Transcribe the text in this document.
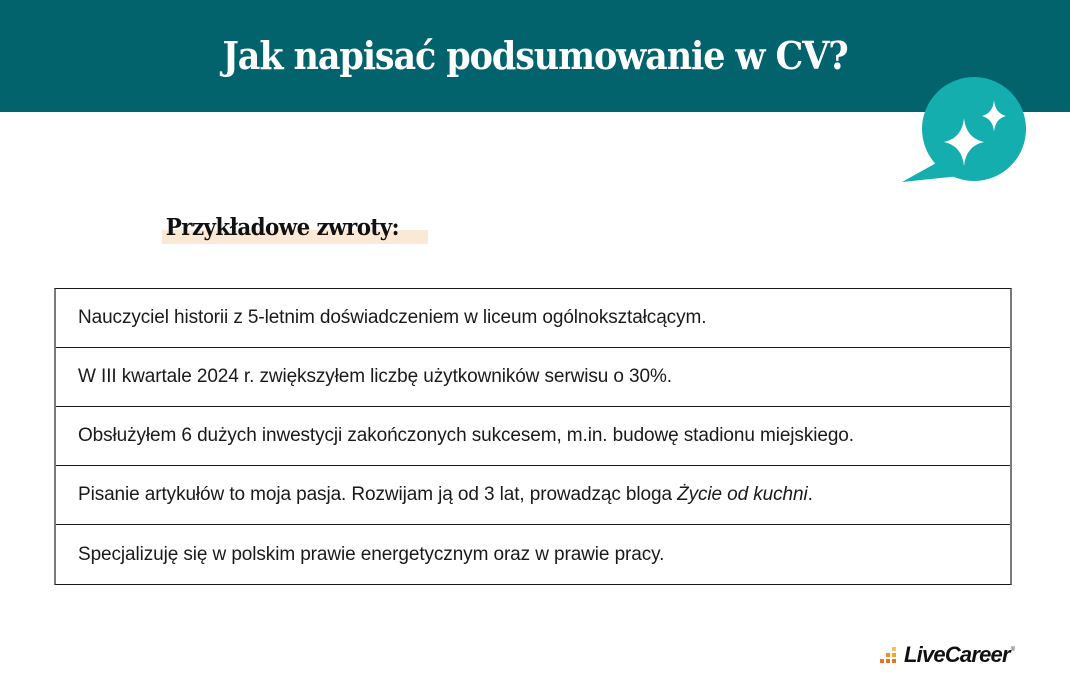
Jak napisać podsumowanie w CV?
Przykładowe zwroty:
Nauczyciel historii z 5-letnim doświadczeniem w liceum ogólnokształcącym.
W III kwartale 2024 r. zwiększyłem liczbę użytkowników serwisu o 30%.
Obsłużyłem 6 dużych inwestycji zakończonych sukcesem, m.in. budowę stadionu miejskiego.
Pisanie artykułów to moja pasja. Rozwijam ją od 3 lat, prowadząc bloga Życie od kuchni .
Specjalizuję się w polskim prawie energetycznym oraz w prawie pracy.
LiveCareer ®
